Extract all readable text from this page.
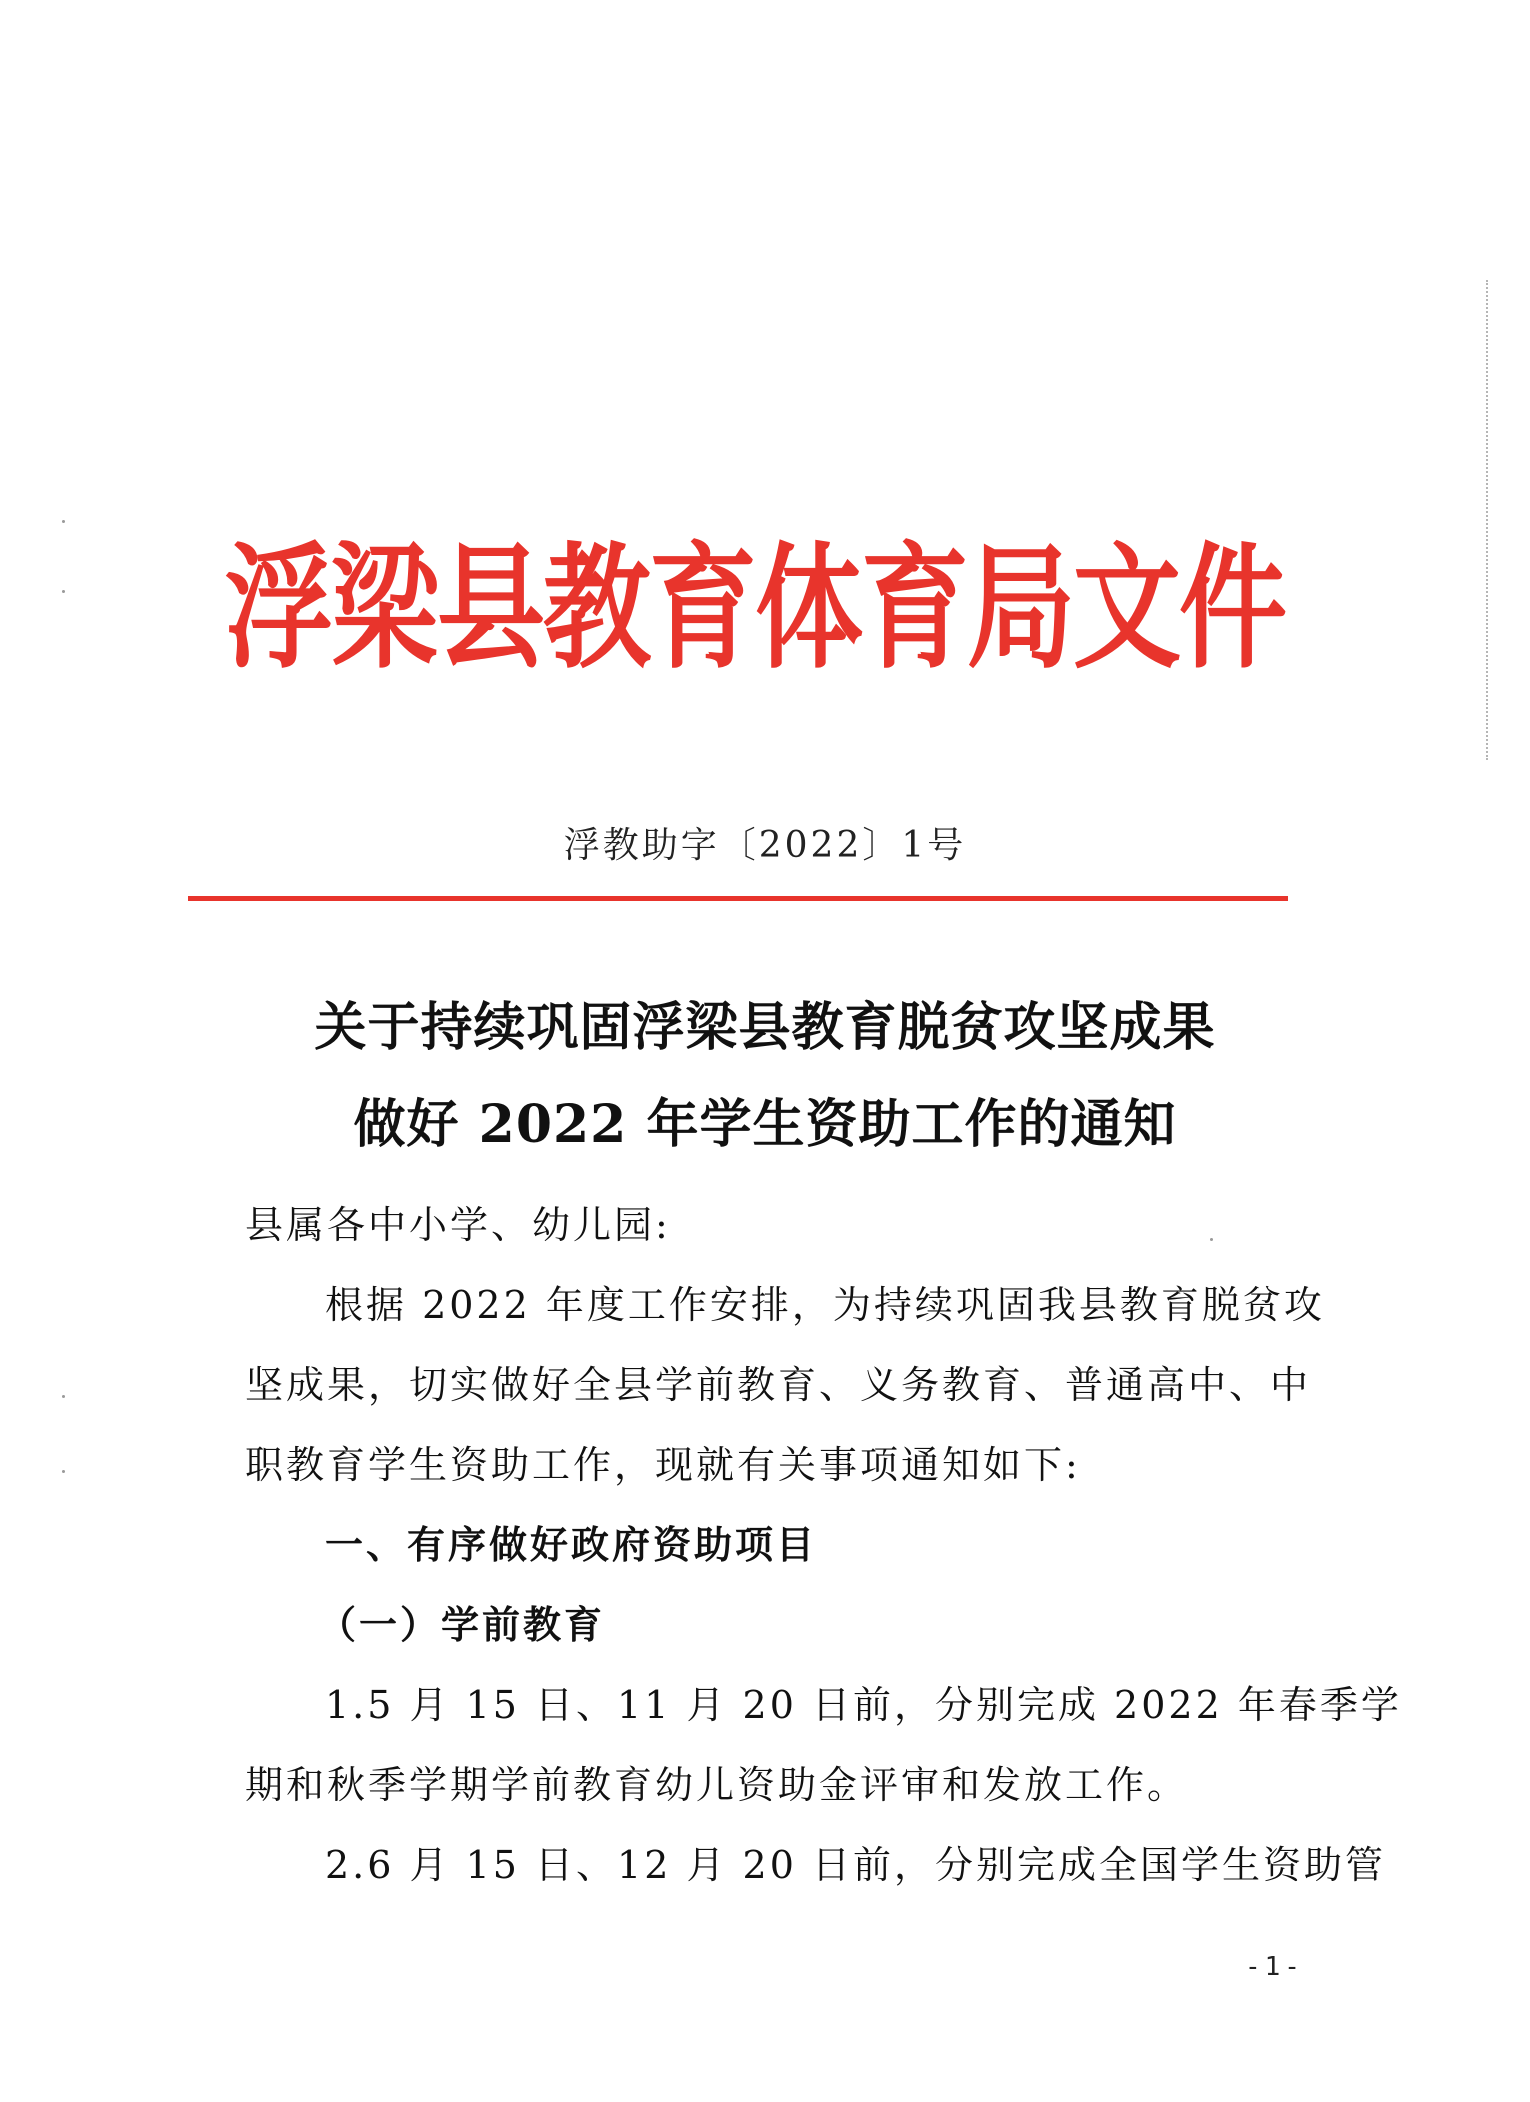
浮梁县教育体育局文件
浮教助字〔2022〕1号
关于持续巩固浮梁县教育脱贫攻坚成果
做好 2022 年学生资助工作的通知
县属各中小学、幼儿园:
根据 2022 年度工作安排，为持续巩固我县教育脱贫攻
坚成果，切实做好全县学前教育、义务教育、普通高中、中
职教育学生资助工作，现就有关事项通知如下:
一、有序做好政府资助项目
（一）学前教育
1.5 月 15 日、11 月 20 日前，分别完成 2022 年春季学
期和秋季学期学前教育幼儿资助金评审和发放工作。
2.6 月 15 日、12 月 20 日前，分别完成全国学生资助管
-1-
